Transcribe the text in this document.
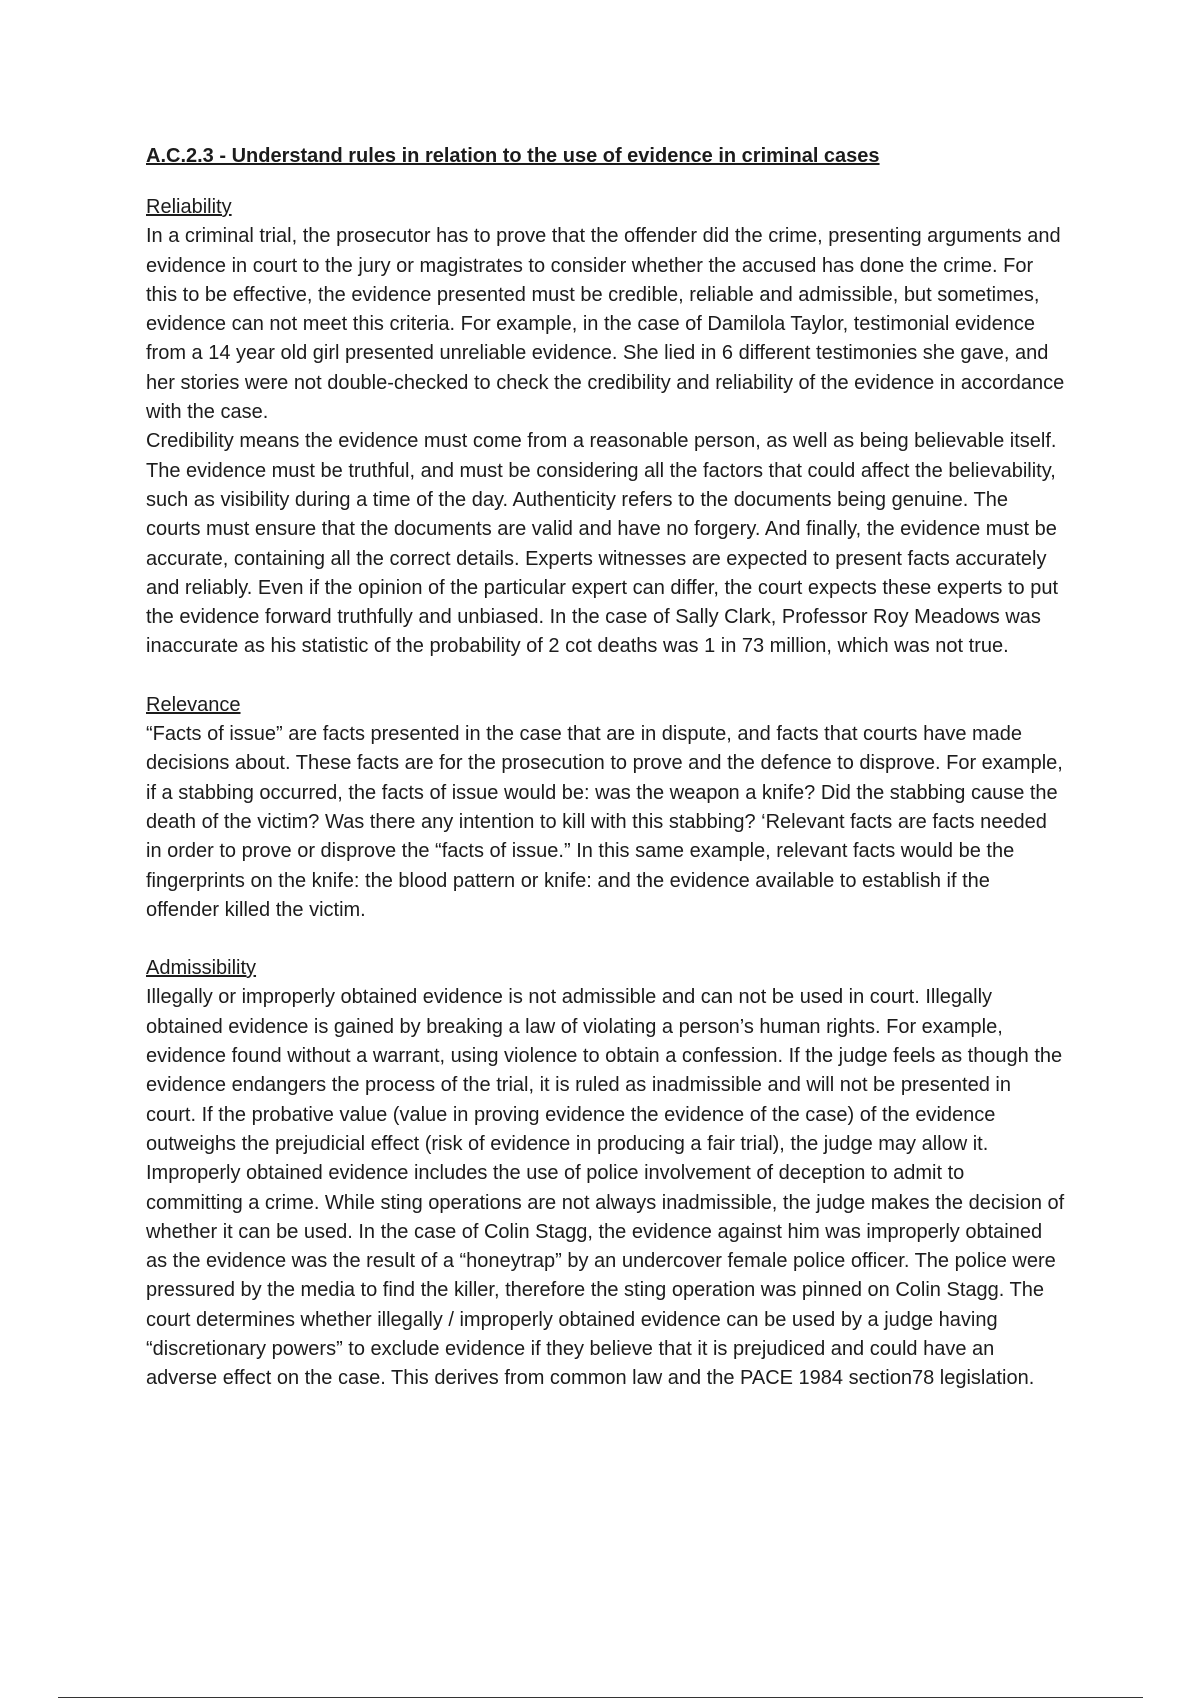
A.C.2.3 - Understand rules in relation to the use of evidence in criminal cases

Reliability

In a criminal trial, the prosecutor has to prove that the offender did the crime, presenting arguments and evidence in court to the jury or magistrates to consider whether the accused has done the crime. For this to be effective, the evidence presented must be credible, reliable and admissible, but sometimes, evidence can not meet this criteria. For example, in the case of Damilola Taylor, testimonial evidence from a 14 year old girl presented unreliable evidence. She lied in 6 different testimonies she gave, and her stories were not double-checked to check the credibility and reliability of the evidence in accordance with the case.

Credibility means the evidence must come from a reasonable person, as well as being believable itself. The evidence must be truthful, and must be considering all the factors that could affect the believability, such as visibility during a time of the day. Authenticity refers to the documents being genuine. The courts must ensure that the documents are valid and have no forgery. And finally, the evidence must be accurate, containing all the correct details. Experts witnesses are expected to present facts accurately and reliably. Even if the opinion of the particular expert can differ, the court expects these experts to put the evidence forward truthfully and unbiased. In the case of Sally Clark, Professor Roy Meadows was inaccurate as his statistic of the probability of 2 cot deaths was 1 in 73 million, which was not true.

Relevance

“Facts of issue” are facts presented in the case that are in dispute, and facts that courts have made decisions about. These facts are for the prosecution to prove and the defence to disprove. For example, if a stabbing occurred, the facts of issue would be: was the weapon a knife? Did the stabbing cause the death of the victim? Was there any intention to kill with this stabbing? ‘Relevant facts are facts needed in order to prove or disprove the “facts of issue.” In this same example, relevant facts would be the fingerprints on the knife: the blood pattern or knife: and the evidence available to establish if the offender killed the victim.

Admissibility

Illegally or improperly obtained evidence is not admissible and can not be used in court. Illegally obtained evidence is gained by breaking a law of violating a person’s human rights. For example, evidence found without a warrant, using violence to obtain a confession. If the judge feels as though the evidence endangers the process of the trial, it is ruled as inadmissible and will not be presented in court. If the probative value (value in proving evidence the evidence of the case) of the evidence outweighs the prejudicial effect (risk of evidence in producing a fair trial), the judge may allow it. Improperly obtained evidence includes the use of police involvement of deception to admit to committing a crime. While sting operations are not always inadmissible, the judge makes the decision of whether it can be used. In the case of Colin Stagg, the evidence against him was improperly obtained as the evidence was the result of a “honeytrap” by an undercover female police officer. The police were pressured by the media to find the killer, therefore the sting operation was pinned on Colin Stagg. The court determines whether illegally / improperly obtained evidence can be used by a judge having “discretionary powers” to exclude evidence if they believe that it is prejudiced and could have an adverse effect on the case. This derives from common law and the PACE 1984 section78 legislation.
